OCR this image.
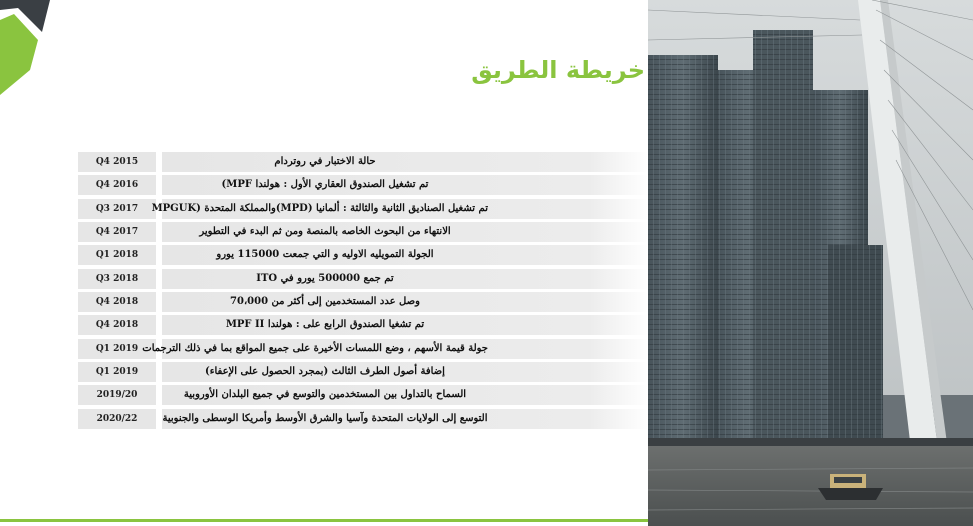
خريطة الطريق
Q4 2015	حالة الاختبار في روتردام
Q4 2016	تم تشغيل الصندوق العقاري الأول : هولندا MPF)
Q3 2017	تم تشغيل الصناديق الثانية والثالثة : ألمانيا (MPD)والمملكة المتحدة (MPGUK
Q4 2017	الانتهاء من البحوث الخاصه بالمنصة ومن ثم البدء في التطوير
Q1 2018	الجولة التمويليه الاوليه و التي جمعت 115000 يورو
Q3 2018	تم جمع 500000 يورو في ITO
Q4 2018	وصل عدد المستخدمين إلى أكثر من 70،000
Q4 2018	تم تشغيا الصندوق الرابع على : هولندا MPF II
Q1 2019 جولة قيمة الأسهم ، وضع اللمسات الأخيرة على جميع المواقع بما في ذلك الترجمات
Q1 2019	إضافة أصول الطرف الثالث (بمجرد الحصول على الإعفاء)
2019/20	السماح بالتداول بين المستخدمين والتوسع في جميع البلدان الأوروبية
2020/22	التوسع إلى الولايات المتحدة وآسيا والشرق الأوسط وأمريكا الوسطى والجنوبية
